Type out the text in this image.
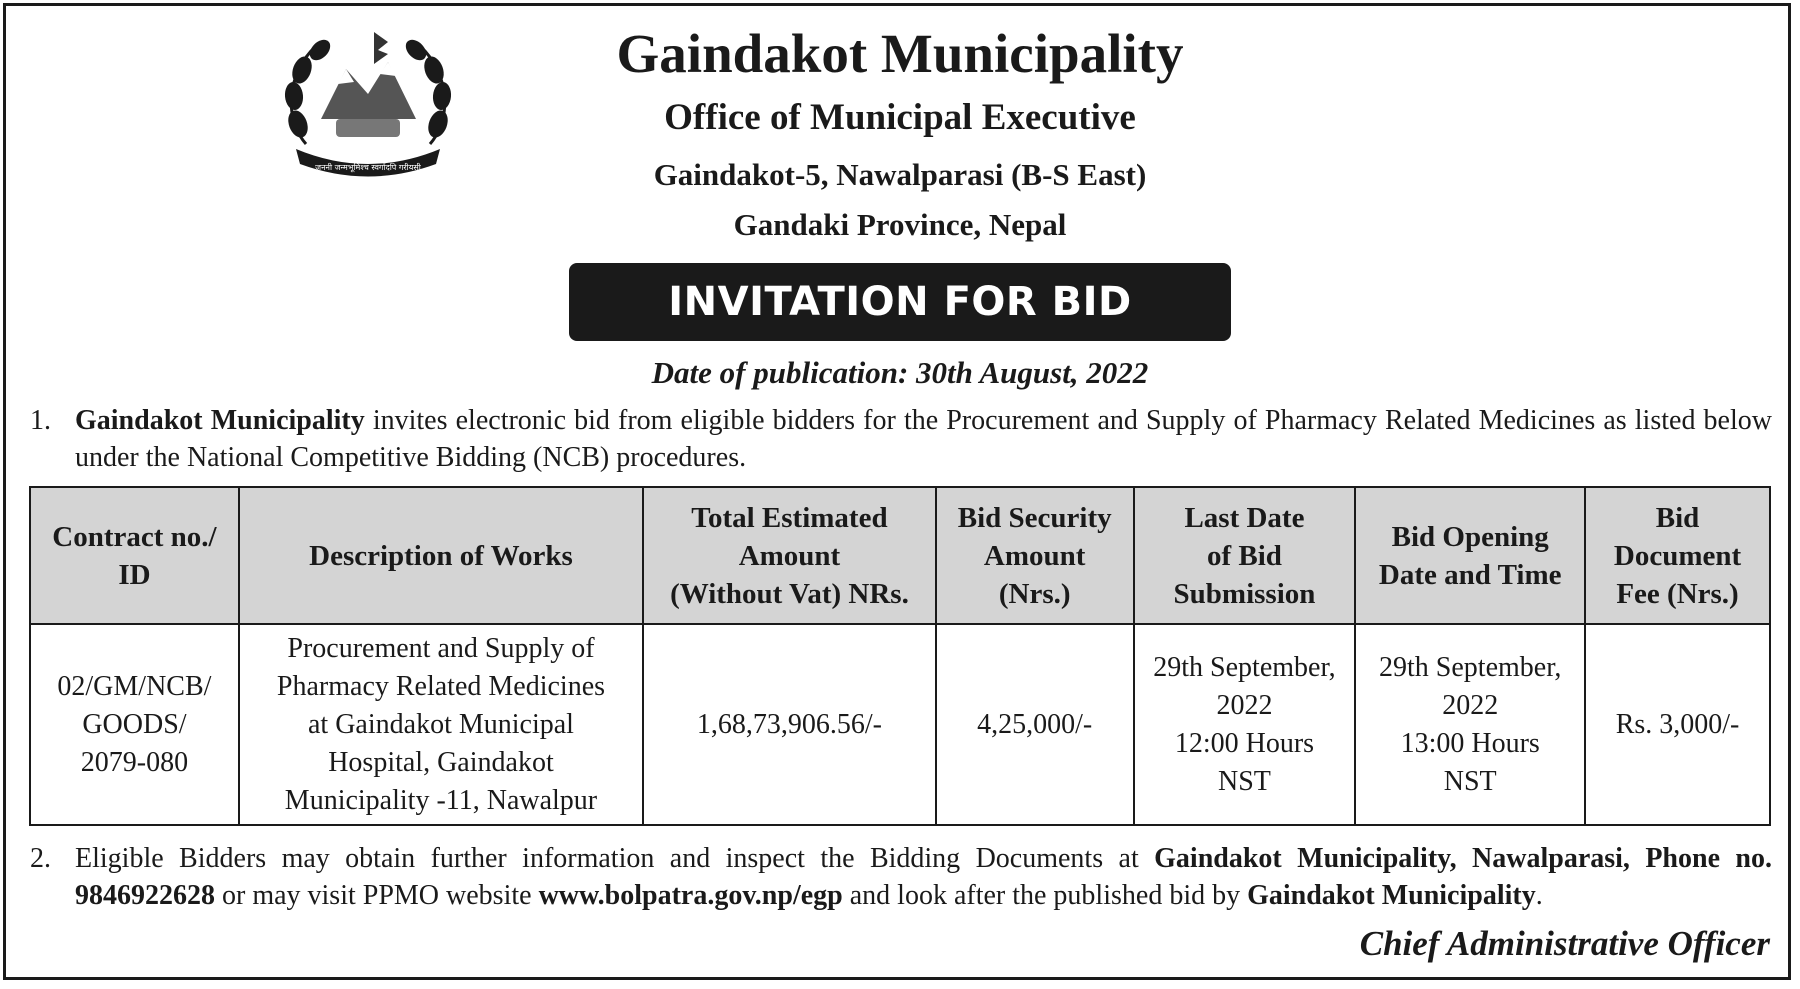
जननी जन्मभूमिश्च स्वर्गादपि गरीयसी
Gaindakot Municipality
Office of Municipal Executive
Gaindakot-5, Nawalparasi (B-S East)
Gandaki Province, Nepal
INVITATION FOR BID
Date of publication: 30th August, 2022
1. Gaindakot Municipality invites electronic bid from eligible bidders for the Procurement and Supply of Pharmacy Related Medicines as listed below under the National Competitive Bidding (NCB) procedures.
Contract no./
ID	Description of Works	Total Estimated
Amount
(Without Vat) NRs.	Bid Security
Amount
(Nrs.)	Last Date
of Bid
Submission	Bid Opening
Date and Time	Bid
Document
Fee (Nrs.)
02/GM/NCB/
GOODS/
2079-080	Procurement and Supply of
Pharmacy Related Medicines
at Gaindakot Municipal
Hospital, Gaindakot
Municipality -11, Nawalpur	1,68,73,906.56/-	4,25,000/-	29th September,
2022
12:00 Hours
NST	29th September,
2022
13:00 Hours
NST	Rs. 3,000/-
2. Eligible Bidders may obtain further information and inspect the Bidding Documents at Gaindakot Municipality, Nawalparasi, Phone no. 9846922628 or may visit PPMO website www.bolpatra.gov.np/egp and look after the published bid by Gaindakot Municipality.
Chief Administrative Officer
